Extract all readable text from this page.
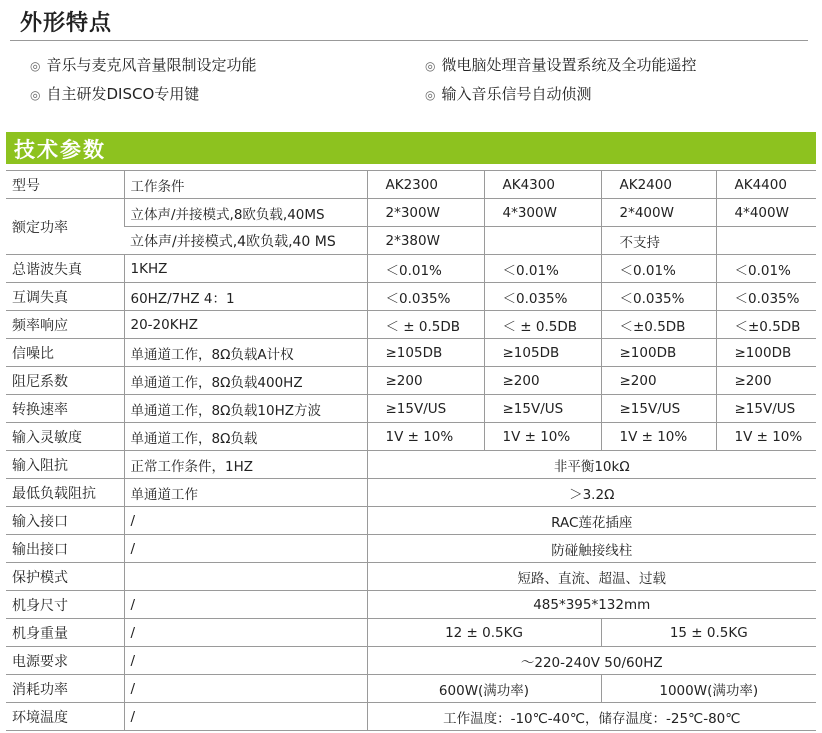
外形特点
◎ 音乐与麦克风音量限制设定功能	◎ 微电脑处理音量设置系统及全功能遥控
◎ 自主研发DISCO专用键	◎ 输入音乐信号自动侦测
技术参数
型号	工作条件	AK2300	AK4300	AK2400	AK4400
额定功率	立体声/并接模式,8欧负载,40MS	2*300W	4*300W	2*400W	4*400W
	立体声/并接模式,4欧负载,40 MS	2*380W		不支持	
总谐波失真	1KHZ	＜0.01%	＜0.01%	＜0.01%	＜0.01%
互调失真	60HZ/7HZ 4：1	＜0.035%	＜0.035%	＜0.035%	＜0.035%
频率响应	20-20KHZ	＜ ± 0.5DB	＜ ± 0.5DB	＜±0.5DB	＜±0.5DB
信噪比	单通道工作，8Ω负载A计权	≥105DB	≥105DB	≥100DB	≥100DB
阻尼系数	单通道工作，8Ω负载400HZ	≥200	≥200	≥200	≥200
转换速率	单通道工作，8Ω负载10HZ方波	≥15V/US	≥15V/US	≥15V/US	≥15V/US
输入灵敏度	单通道工作，8Ω负载	1V ± 10%	1V ± 10%	1V ± 10%	1V ± 10%
输入阻抗	正常工作条件，1HZ	非平衡10kΩ			
最低负载阻抗	单通道工作	＞3.2Ω			
输入接口	/	RAC莲花插座			
输出接口	/	防碰触接线柱			
保护模式		短路、直流、超温、过载			
机身尺寸	/	485*395*132mm			
机身重量	/	12 ± 0.5KG		15 ± 0.5KG	
电源要求	/	～220-240V 50/60HZ			
消耗功率	/	600W(满功率)		1000W(满功率)	
环境温度	/	工作温度：-10℃-40℃，储存温度：-25℃-80℃			
